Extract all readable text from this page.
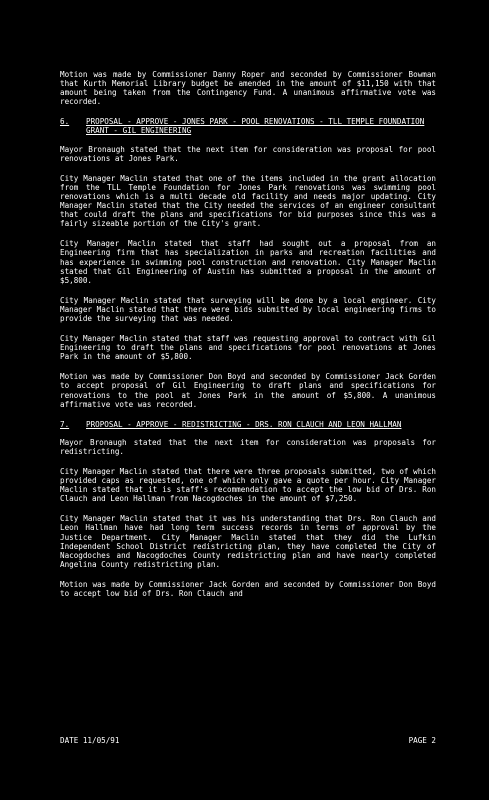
Motion was made by Commissioner Danny Roper and seconded by Commissioner Bowman that Kurth Memorial Library budget be amended in the amount of $11,150 with that amount being taken from the Contingency Fund. A unanimous affirmative vote was recorded.

6.	PROPOSAL - APPROVE - JONES PARK - POOL RENOVATIONS - TLL TEMPLE FOUNDATION GRANT - GIL ENGINEERING

Mayor Bronaugh stated that the next item for consideration was proposal for pool renovations at Jones Park.

City Manager Maclin stated that one of the items included in the grant allocation from the TLL Temple Foundation for Jones Park renovations was swimming pool renovations which is a multi decade old facility and needs major updating. City Manager Maclin stated that the City needed the services of an engineer consultant that could draft the plans and specifications for bid purposes since this was a fairly sizeable portion of the City's grant.

City Manager Maclin stated that staff had sought out a proposal from an Engineering firm that has specialization in parks and recreation facilities and has experience in swimming pool construction and renovation. City Manager Maclin stated that Gil Engineering of Austin has submitted a proposal in the amount of $5,800.

City Manager Maclin stated that surveying will be done by a local engineer. City Manager Maclin stated that there were bids submitted by local engineering firms to provide the surveying that was needed.

City Manager Maclin stated that staff was requesting approval to contract with Gil Engineering to draft the plans and specifications for pool renovations at Jones Park in the amount of $5,800.

Motion was made by Commissioner Don Boyd and seconded by Commissioner Jack Gorden to accept proposal of Gil Engineering to draft plans and specifications for renovations to the pool at Jones Park in the amount of $5,800. A unanimous affirmative vote was recorded.

7.	PROPOSAL - APPROVE - REDISTRICTING - DRS. RON CLAUCH AND LEON HALLMAN

Mayor Bronaugh stated that the next item for consideration was proposals for redistricting.

City Manager Maclin stated that there were three proposals submitted, two of which provided caps as requested, one of which only gave a quote per hour. City Manager Maclin stated that it is staff's recommendation to accept the low bid of Drs. Ron Clauch and Leon Hallman from Nacogdoches in the amount of $7,250.

City Manager Maclin stated that it was his understanding that Drs. Ron Clauch and Leon Hallman have had long term success records in terms of approval by the Justice Department. City Manager Maclin stated that they did the Lufkin Independent School District redistricting plan, they have completed the City of Nacogdoches and Nacogdoches County redistricting plan and have nearly completed Angelina County redistricting plan.

Motion was made by Commissioner Jack Gorden and seconded by Commissioner Don Boyd to accept low bid of Drs. Ron Clauch and

DATE 11/05/91	PAGE 2
